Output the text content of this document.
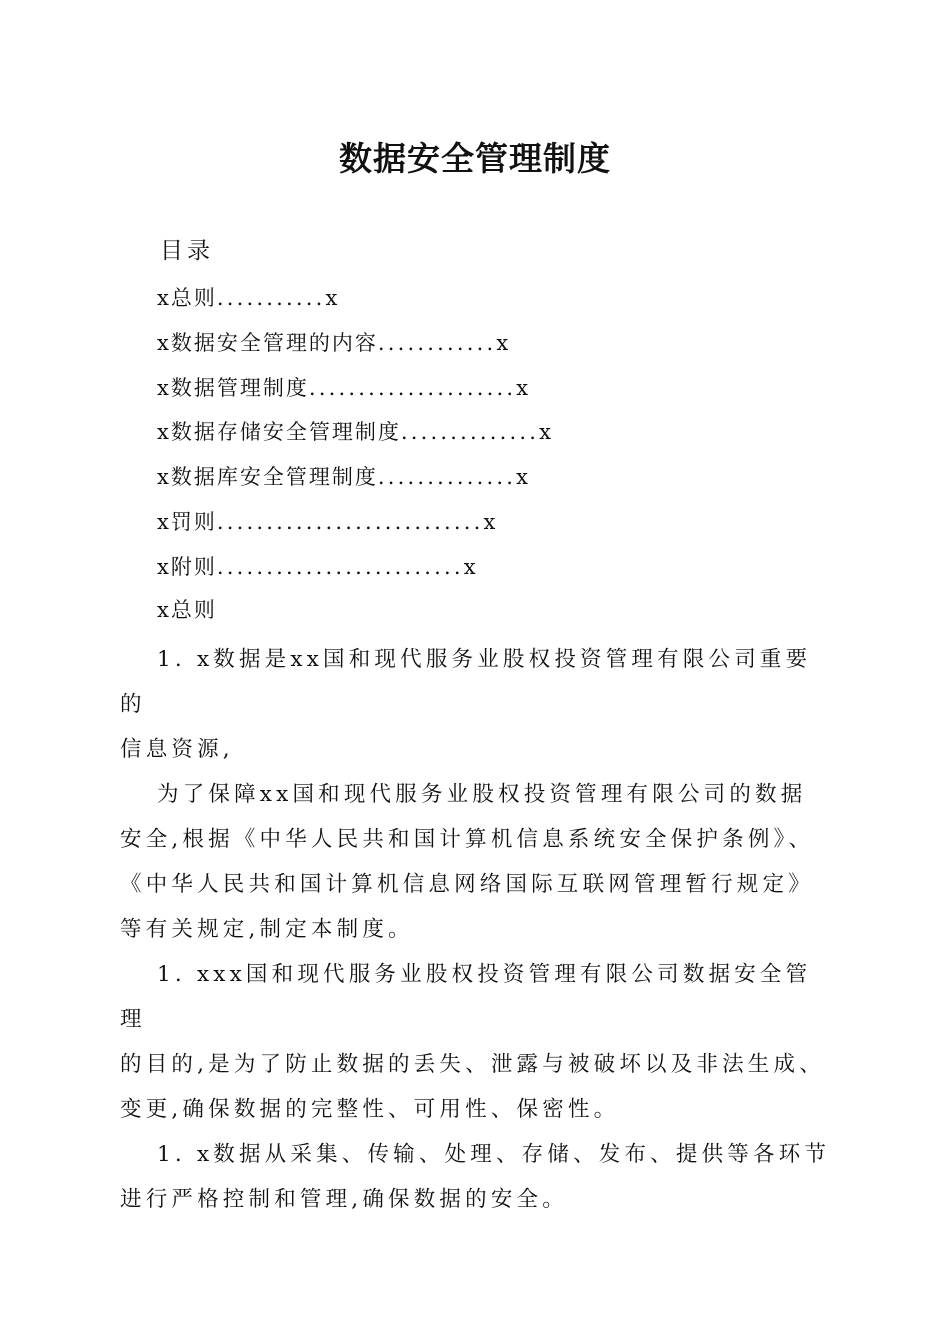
数据安全管理制度
目录
x总则...........x
x数据安全管理的内容............x
x数据管理制度.....................x
x数据存储安全管理制度..............x
x数据库安全管理制度..............x
x罚则...........................x
x附则.........................x
x总则

1. x数据是xx国和现代服务业股权投资管理有限公司重要的
信息资源,

为了保障xx国和现代服务业股权投资管理有限公司的数据
安全,根据《中华人民共和国计算机信息系统安全保护条例》、
《中华人民共和国计算机信息网络国际互联网管理暂行规定》
等有关规定,制定本制度。

1. xxx国和现代服务业股权投资管理有限公司数据安全管理
的目的,是为了防止数据的丢失、泄露与被破坏以及非法生成、
变更,确保数据的完整性、可用性、保密性。

1. x数据从采集、传输、处理、存储、发布、提供等各环节
进行严格控制和管理,确保数据的安全。
